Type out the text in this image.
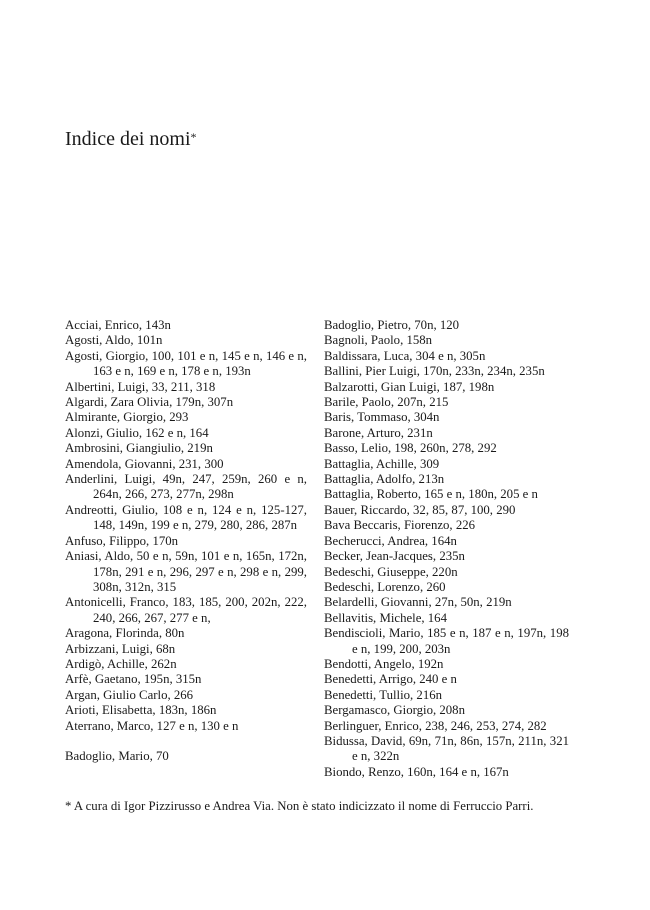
Indice dei nomi*
Acciai, Enrico, 143n
Agosti, Aldo, 101n
Agosti, Giorgio, 100, 101 e n, 145 e n, 146 e n, 163 e n, 169 e n, 178 e n, 193n
Albertini, Luigi, 33, 211, 318
Algardi, Zara Olivia, 179n, 307n
Almirante, Giorgio, 293
Alonzi, Giulio, 162 e n, 164
Ambrosini, Giangiulio, 219n
Amendola, Giovanni, 231, 300
Anderlini, Luigi, 49n, 247, 259n, 260 e n, 264n, 266, 273, 277n, 298n
Andreotti, Giulio, 108 e n, 124 e n, 125-127, 148, 149n, 199 e n, 279, 280, 286, 287n
Anfuso, Filippo, 170n
Aniasi, Aldo, 50 e n, 59n, 101 e n, 165n, 172n, 178n, 291 e n, 296, 297 e n, 298 e n, 299, 308n, 312n, 315
Antonicelli, Franco, 183, 185, 200, 202n, 222, 240, 266, 267, 277 e n,
Aragona, Florinda, 80n
Arbizzani, Luigi, 68n
Ardigò, Achille, 262n
Arfè, Gaetano, 195n, 315n
Argan, Giulio Carlo, 266
Arioti, Elisabetta, 183n, 186n
Aterrano, Marco, 127 e n, 130 e n
Badoglio, Mario, 70
Badoglio, Pietro, 70n, 120
Bagnoli, Paolo, 158n
Baldissara, Luca, 304 e n, 305n
Ballini, Pier Luigi, 170n, 233n, 234n, 235n
Balzarotti, Gian Luigi, 187, 198n
Barile, Paolo, 207n, 215
Baris, Tommaso, 304n
Barone, Arturo, 231n
Basso, Lelio, 198, 260n, 278, 292
Battaglia, Achille, 309
Battaglia, Adolfo, 213n
Battaglia, Roberto, 165 e n, 180n, 205 e n
Bauer, Riccardo, 32, 85, 87, 100, 290
Bava Beccaris, Fiorenzo, 226
Becherucci, Andrea, 164n
Becker, Jean-Jacques, 235n
Bedeschi, Giuseppe, 220n
Bedeschi, Lorenzo, 260
Belardelli, Giovanni, 27n, 50n, 219n
Bellavitis, Michele, 164
Bendiscioli, Mario, 185 e n, 187 e n, 197n, 198 e n, 199, 200, 203n
Bendotti, Angelo, 192n
Benedetti, Arrigo, 240 e n
Benedetti, Tullio, 216n
Bergamasco, Giorgio, 208n
Berlinguer, Enrico, 238, 246, 253, 274, 282
Bidussa, David, 69n, 71n, 86n, 157n, 211n, 321 e n, 322n
Biondo, Renzo, 160n, 164 e n, 167n
* A cura di Igor Pizzirusso e Andrea Via. Non è stato indicizzato il nome di Ferruccio Parri.
